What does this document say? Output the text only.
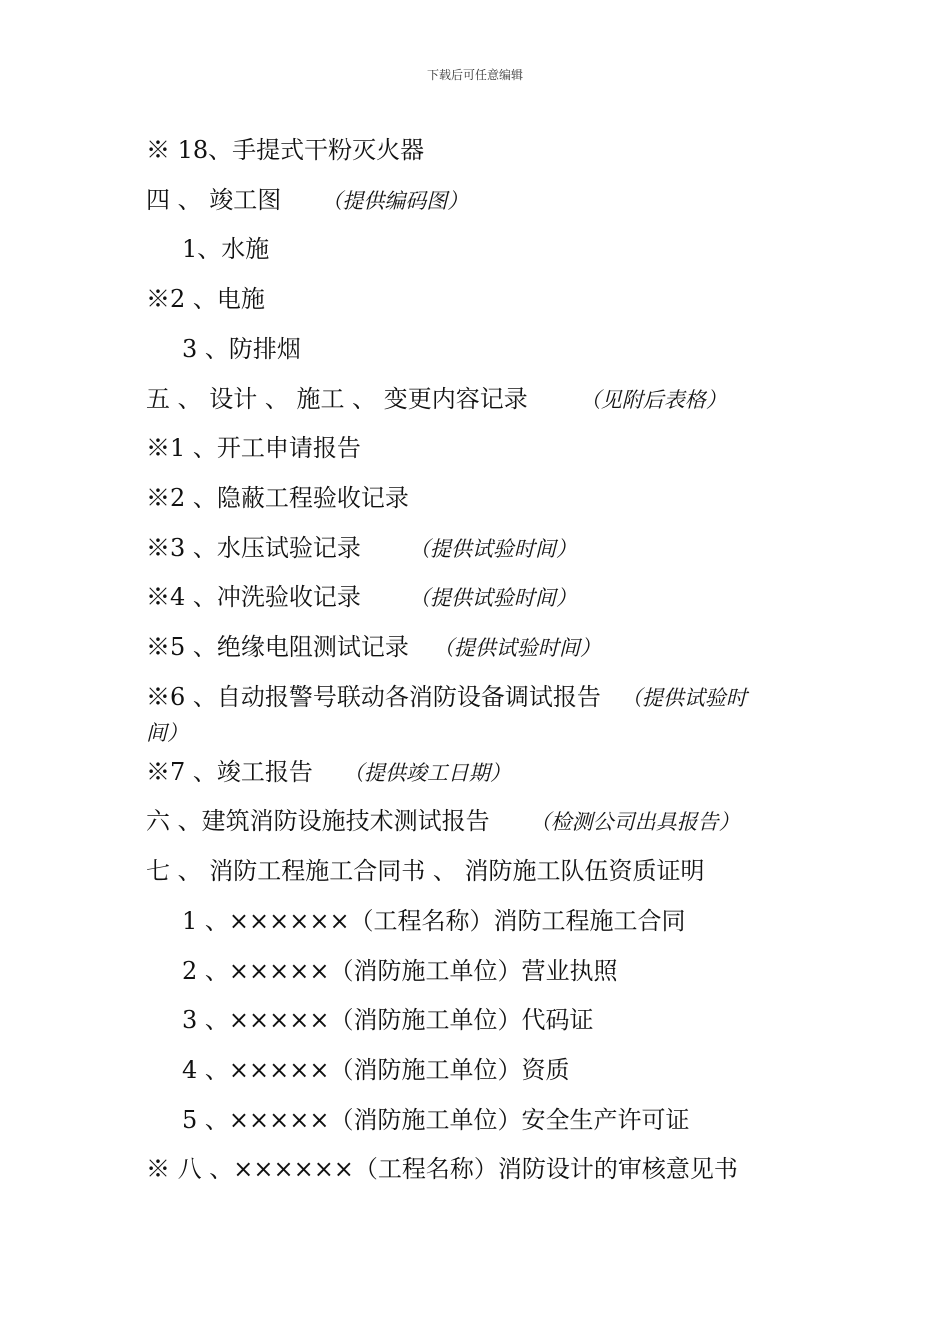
下载后可任意编辑
※ 18、手提式干粉灭火器
四 、 竣工图 （提供编码图）
1、水施
※2 、电施
3 、防排烟
五 、 设计 、 施工 、 变更内容记录 （见附后表格）
※1 、开工申请报告
※2 、隐蔽工程验收记录
※3 、水压试验记录 （提供试验时间）
※4 、冲洗验收记录 （提供试验时间）
※5 、绝缘电阻测试记录 （提供试验时间）
※6 、自动报警号联动各消防设备调试报告 （提供试验时
间）
※7 、竣工报告 （提供竣工日期）
六 、建筑消防设施技术测试报告 （检测公司出具报告）
七 、 消防工程施工合同书 、 消防施工队伍资质证明
1 、××××××（工程名称）消防工程施工合同
2 、×××××（消防施工单位）营业执照
3 、×××××（消防施工单位）代码证
4 、×××××（消防施工单位）资质
5 、×××××（消防施工单位）安全生产许可证
※ 八 、××××××（工程名称）消防设计的审核意见书
